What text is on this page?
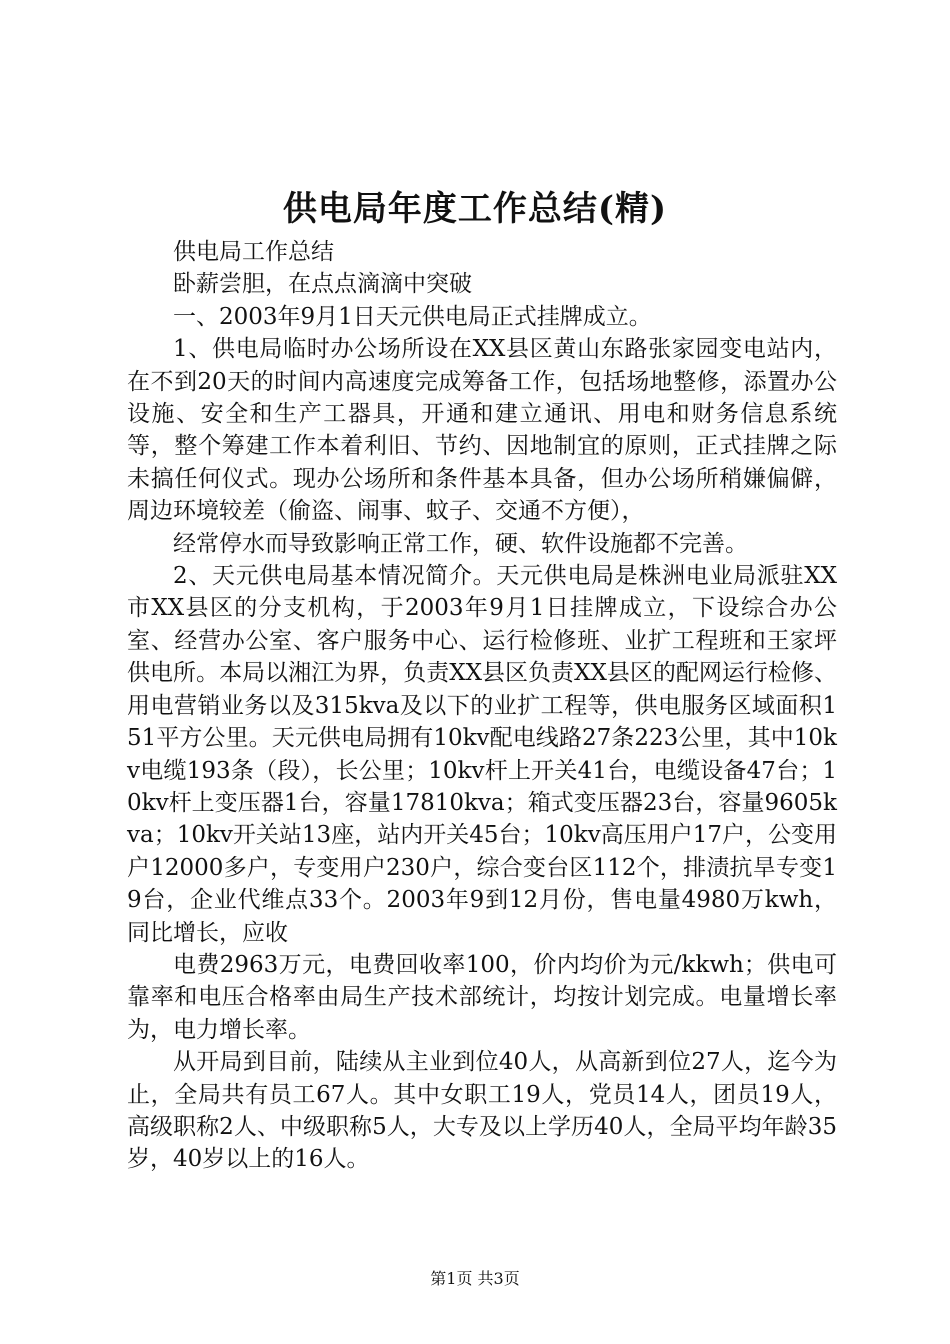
供电局年度工作总结(精)

供电局工作总结

卧薪尝胆，在点点滴滴中突破

一、2003年9月1日天元供电局正式挂牌成立。

1、供电局临时办公场所设在XX县区黄山东路张家园变电站内，在不到20天的时间内高速度完成筹备工作，包括场地整修，添置办公设施、安全和生产工器具，开通和建立通讯、用电和财务信息系统等，整个筹建工作本着利旧、节约、因地制宜的原则，正式挂牌之际未搞任何仪式。现办公场所和条件基本具备，但办公场所稍嫌偏僻，周边环境较差（偷盗、闹事、蚊子、交通不方便），

经常停水而导致影响正常工作，硬、软件设施都不完善。

2、天元供电局基本情况简介。天元供电局是株洲电业局派驻XX市XX县区的分支机构，于2003年9月1日挂牌成立，下设综合办公室、经营办公室、客户服务中心、运行检修班、业扩工程班和王家坪供电所。本局以湘江为界，负责XX县区负责XX县区的配网运行检修、用电营销业务以及315kva及以下的业扩工程等，供电服务区域面积151平方公里。天元供电局拥有10kv配电线路27条223公里，其中10kv电缆193条（段），长公里；10kv杆上开关41台，电缆设备47台；10kv杆上变压器1台，容量17810kva；箱式变压器23台，容量9605kva；10kv开关站13座，站内开关45台；10kv高压用户17户，公变用户12000多户，专变用户230户，综合变台区112个，排渍抗旱专变19台，企业代维点33个。2003年9到12月份，售电量4980万kwh，同比增长，应收

电费2963万元，电费回收率100，价内均价为元/kkwh；供电可靠率和电压合格率由局生产技术部统计，均按计划完成。电量增长率为，电力增长率。

从开局到目前，陆续从主业到位40人，从高新到位27人，迄今为止，全局共有员工67人。其中女职工19人，党员14人，团员19人，高级职称2人、中级职称5人，大专及以上学历40人，全局平均年龄35岁，40岁以上的16人。

第1页 共3页
